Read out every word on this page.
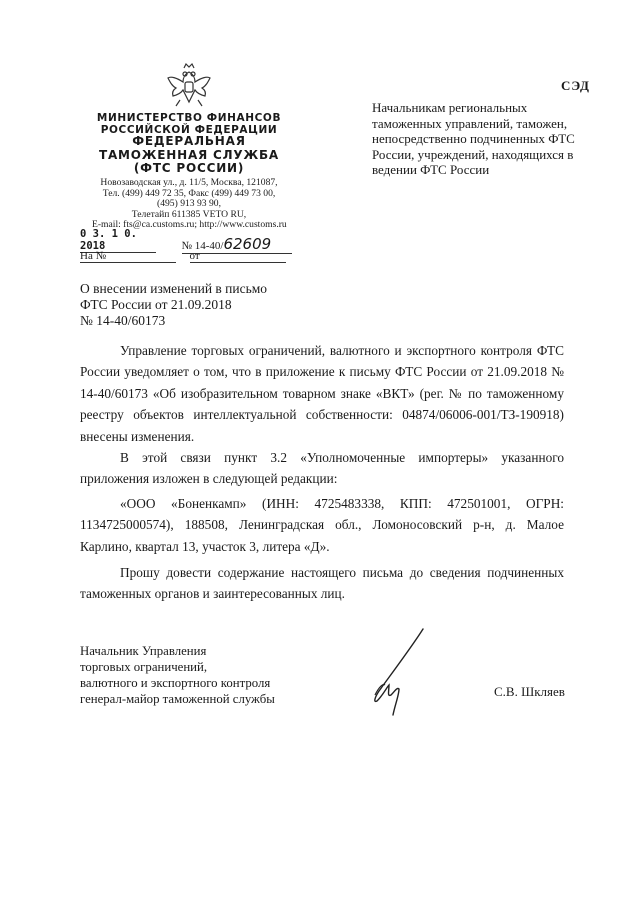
СЭД
МИНИСТЕРСТВО ФИНАНСОВ
РОССИЙСКОЙ ФЕДЕРАЦИИ
ФЕДЕРАЛЬНАЯ
ТАМОЖЕННАЯ СЛУЖБА
(ФТС РОССИИ)
Новозаводская ул., д. 11/5, Москва, 121087,
Тел. (499) 449 72 35, Факс (499) 449 73 00,
(495) 913 93 90,
Телетайп 611385 VETO RU,
E-mail: fts@ca.customs.ru; http://www.customs.ru
Начальникам региональных таможенных управлений, таможен, непосредственно подчиненных ФТС России, учреждений, находящихся в ведении ФТС России
0 3. 1 0. 2018	№ 14-40/62609
На №	от
О внесении изменений в письмо
ФТС России от 21.09.2018
№ 14-40/60173

Управление торговых ограничений, валютного и экспортного контроля ФТС России уведомляет о том, что в приложение к письму ФТС России от 21.09.2018 № 14-40/60173 «Об изобразительном товарном знаке «ВКТ» (рег. № по таможенному реестру объектов интеллектуальной собственности: 04874/06006-001/ТЗ-190918) внесены изменения.

В этой связи пункт 3.2 «Уполномоченные импортеры» указанного приложения изложен в следующей редакции:

«ООО «Боненкамп» (ИНН: 4725483338, КПП: 472501001, ОГРН: 1134725000574), 188508, Ленинградская обл., Ломоносовский р-н, д. Малое Карлино, квартал 13, участок 3, литера «Д».

Прошу довести содержание настоящего письма до сведения подчиненных таможенных органов и заинтересованных лиц.

Начальник Управления
торговых ограничений,
валютного и экспортного контроля
генерал-майор таможенной службы	С.В. Шкляев
